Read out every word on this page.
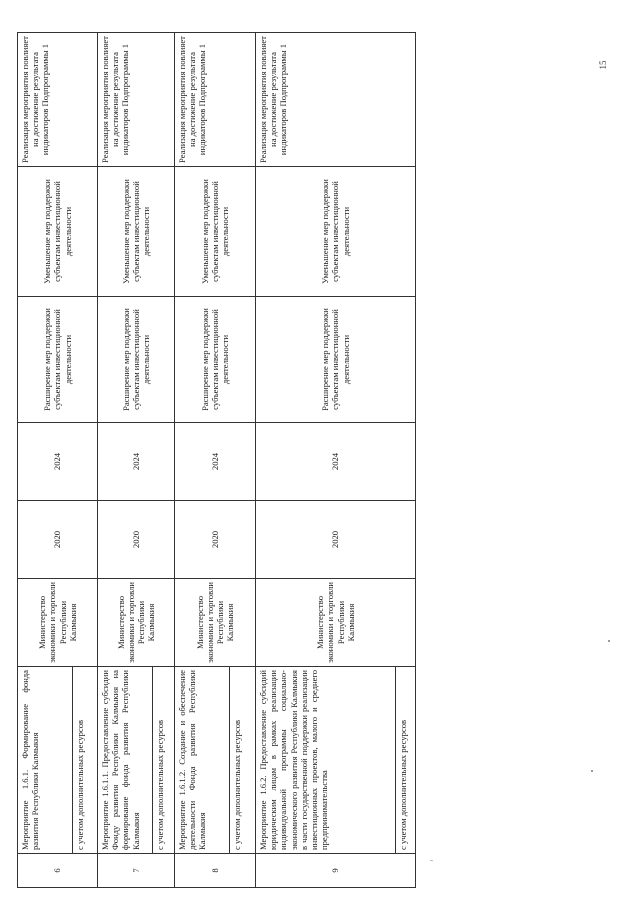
6	Мероприятие 1.6.1. Формирование фонда развития Республики Калмыкия	Министерство экономики и торговли Республики Калмыкия	2020	2024	Расширение мер поддержки субъектам инвестиционной деятельности	Уменьшение мер поддержки субъектам инвестиционной деятельности	Реализация мероприятия повлияет на достижение результата индикаторов Подпрограммы 1
	с учетом дополнительных ресурсов						
7	Мероприятие 1.6.1.1. Предоставление субсидии Фонду развития Республики Калмыкия на формирование фонда развития Республики Калмыкия	Министерство экономики и торговли Республики Калмыкия	2020	2024	Расширение мер поддержки субъектам инвестиционной деятельности	Уменьшение мер поддержки субъектам инвестиционной деятельности	Реализация мероприятия повлияет на достижение результата индикаторов Подпрограммы 1
	с учетом дополнительных ресурсов						
8	Мероприятие 1.6.1.2. Создание и обеспечение деятельности Фонда развития Республики Калмыкия	Министерство экономики и торговли Республики Калмыкия	2020	2024	Расширение мер поддержки субъектам инвестиционной деятельности	Уменьшение мер поддержки субъектам инвестиционной деятельности	Реализация мероприятия повлияет на достижение результата индикаторов Подпрограммы 1
	с учетом дополнительных ресурсов						
9	Мероприятие 1.6.2. Предоставление субсидий юридическим лицам в рамках реализации индивидуальной программы социально-экономического развития Республики Калмыкия в части государственной поддержки реализации инвестиционных проектов, малого и среднего предпринимательства	Министерство экономики и торговли Республики Калмыкия	2020	2024	Расширение мер поддержки субъектам инвестиционной деятельности	Уменьшение мер поддержки субъектам инвестиционной деятельности	Реализация мероприятия повлияет на достижение результата индикаторов Подпрограммы 1
	с учетом дополнительных ресурсов						
15
